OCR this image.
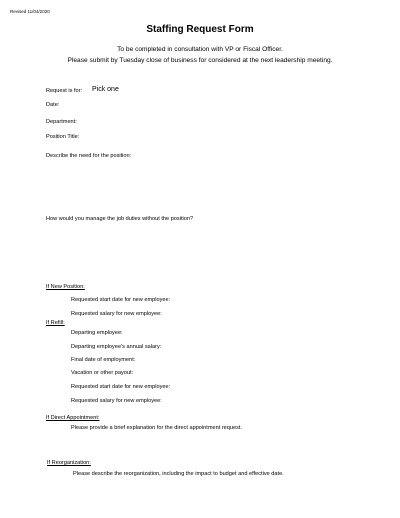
Revised 11/04/2020
Staffing Request Form
To be completed in consultation with VP or Fiscal Officer.
Please submit by Tuesday close of business for considered at the next leadership meeting.
Request is for: Pick one
Date:
Department:
Position Title:
Describe the need for the position:
How would you manage the job duties without the position?
If New Position:
Requested start date for new employee:
Requested salary for new employee:
If Refill:
Departing employee:
Departing employee's annual salary:
Final date of employment:
Vacation or other payout:
Requested start date for new employee:
Requested salary for new employee:
If Direct Appointment:
Please provide a brief explanation for the direct appointment request.
If Reorganization:
Please describe the reorganization, including the impact to budget and effective date.
